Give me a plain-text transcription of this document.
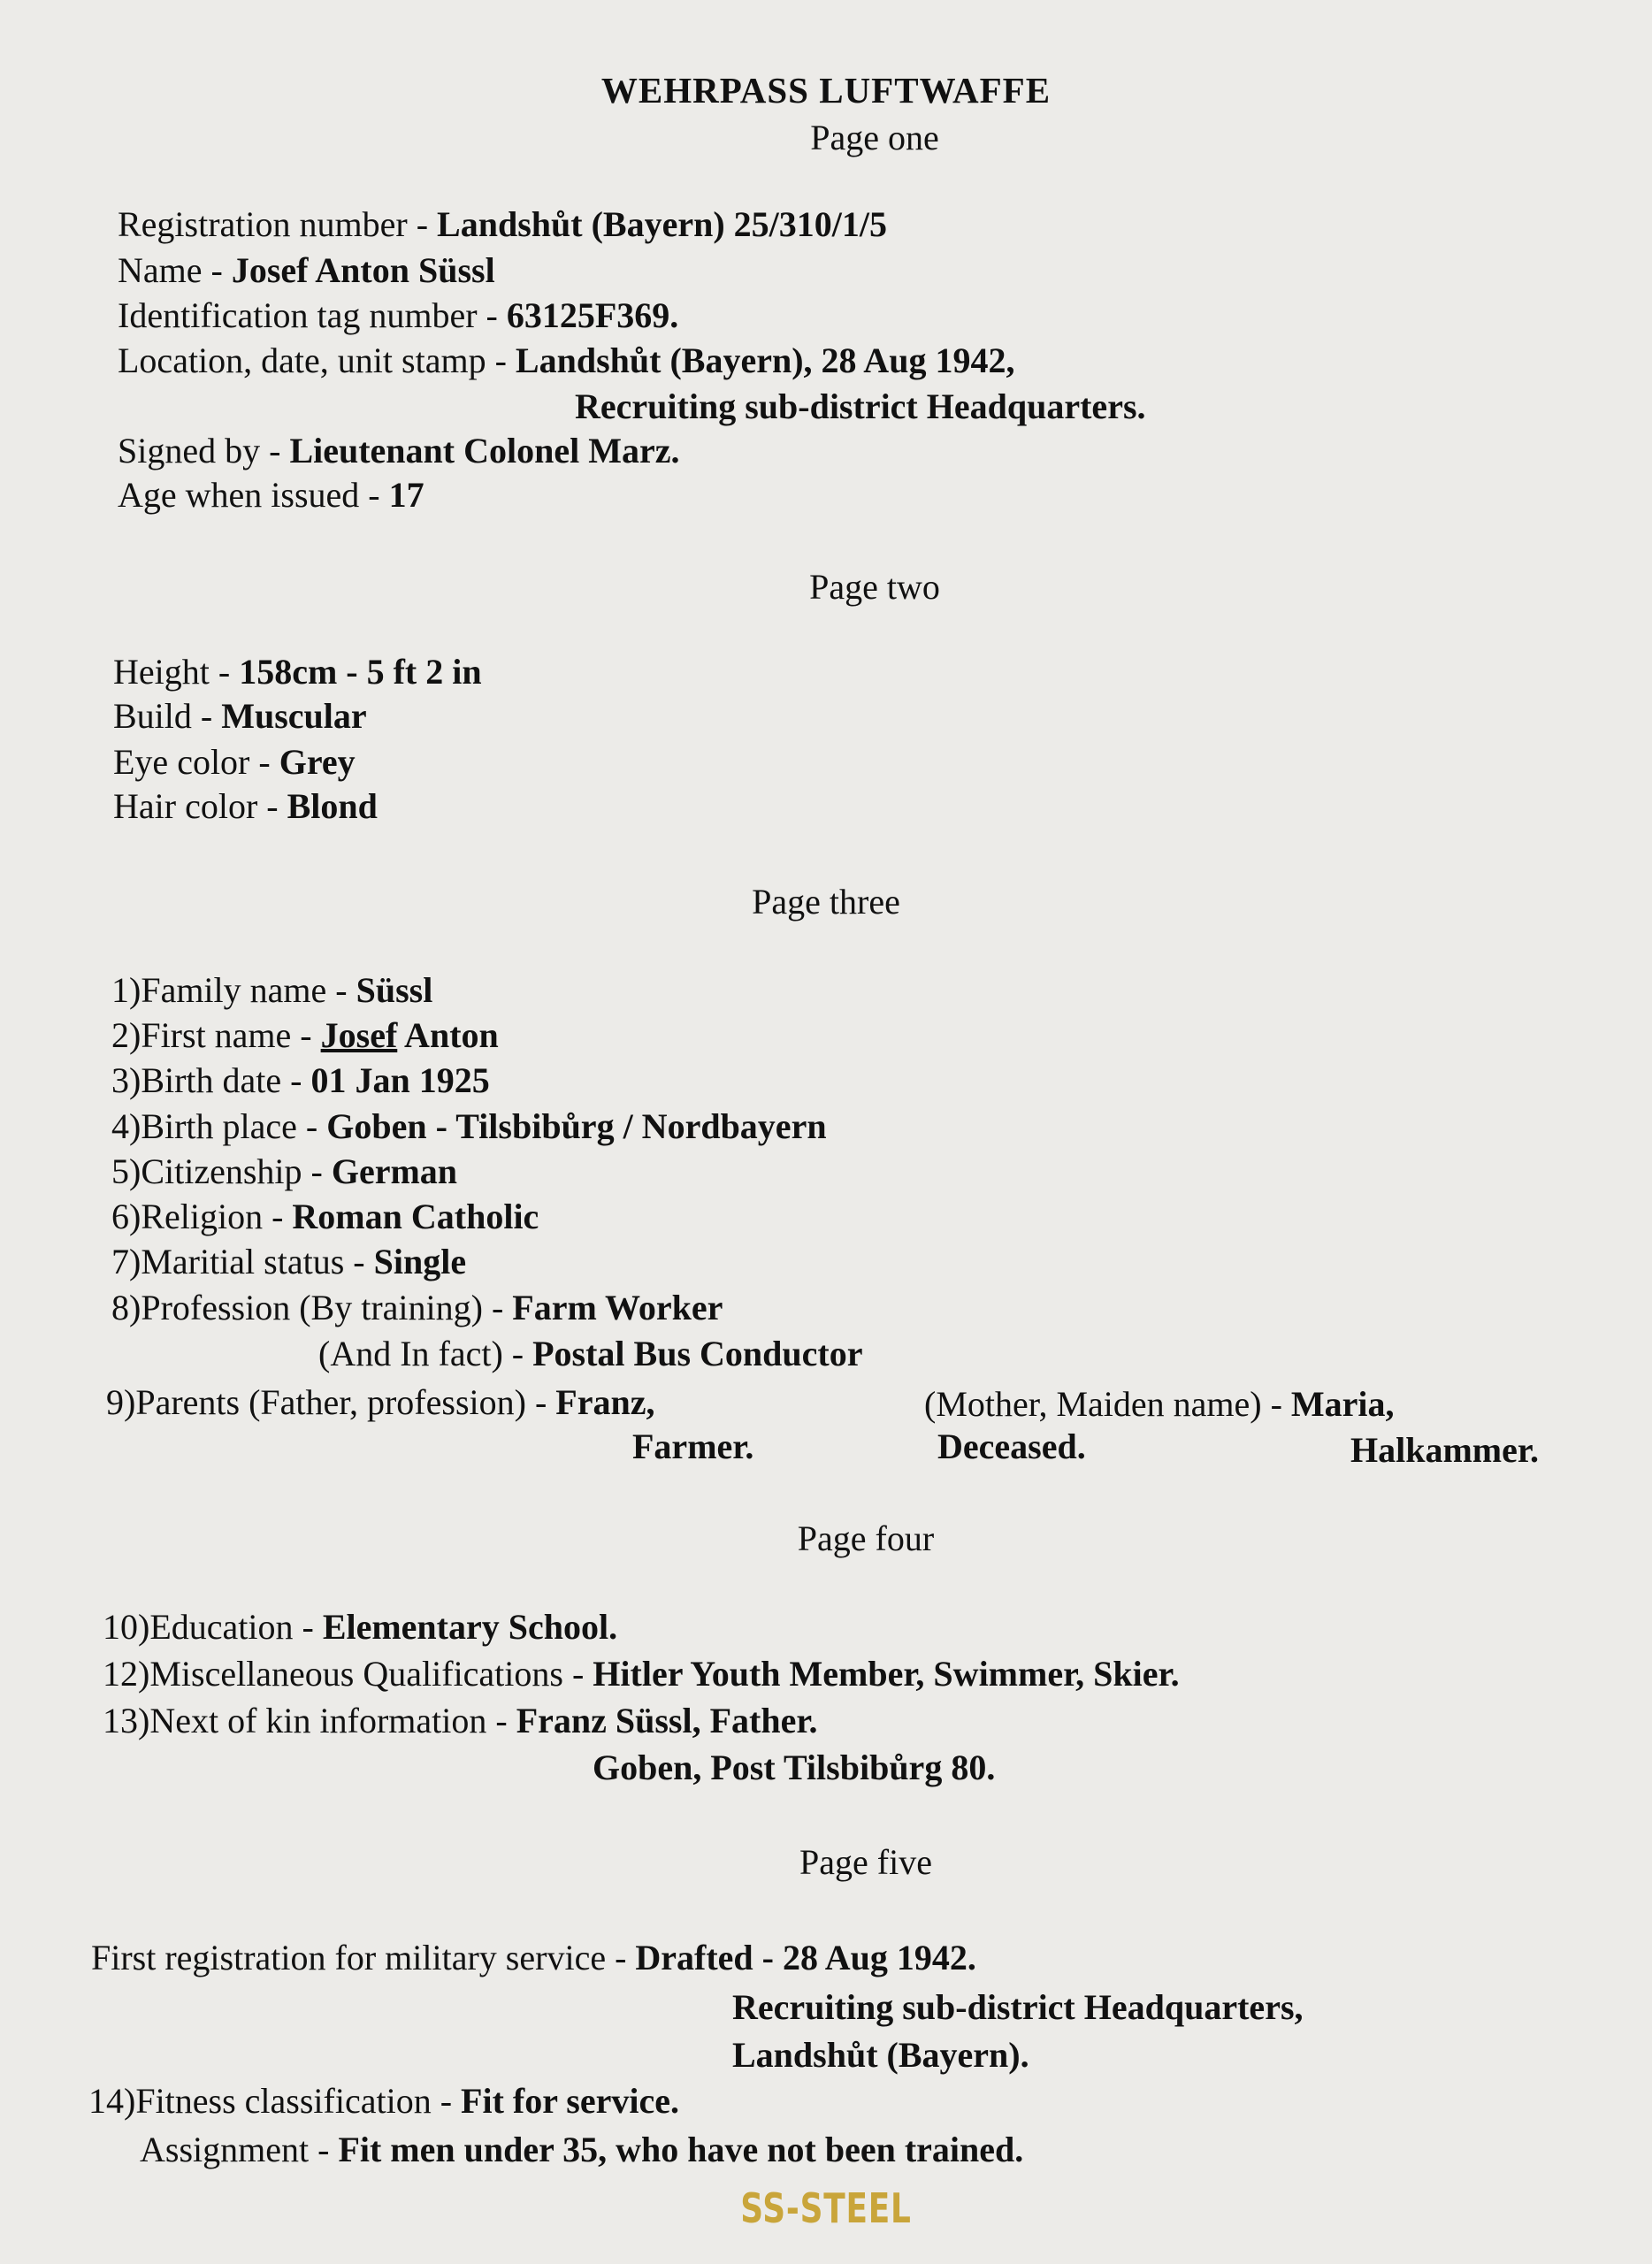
WEHRPASS LUFTWAFFE
Page one
Registration number - Landshůt (Bayern) 25/310/1/5
Name - Josef Anton Süssl
Identification tag number - 63125F369.
Location, date, unit stamp - Landshůt (Bayern), 28 Aug 1942,
Recruiting sub-district Headquarters.
Signed by - Lieutenant Colonel Marz.
Age when issued - 17
Page two
Height - 158cm - 5 ft 2 in
Build - Muscular
Eye color - Grey
Hair color - Blond
Page three
1)Family name - Süssl
2)First name - Josef Anton
3)Birth date - 01 Jan 1925
4)Birth place - Goben - Tilsbibůrg / Nordbayern
5)Citizenship - German
6)Religion - Roman Catholic
7)Maritial status - Single
8)Profession (By training) - Farm Worker
(And In fact) - Postal Bus Conductor
9)Parents (Father, profession) - Franz,	(Mother, Maiden name) - Maria,
Farmer.	Deceased.	Halkammer.
Page four
10)Education - Elementary School.
12)Miscellaneous Qualifications - Hitler Youth Member, Swimmer, Skier.
13)Next of kin information - Franz Süssl, Father.
Goben, Post Tilsbibůrg 80.
Page five
First registration for military service - Drafted - 28 Aug 1942.
Recruiting sub-district Headquarters,
Landshůt (Bayern).
14)Fitness classification - Fit for service.
Assignment - Fit men under 35, who have not been trained.
SS-STEEL
